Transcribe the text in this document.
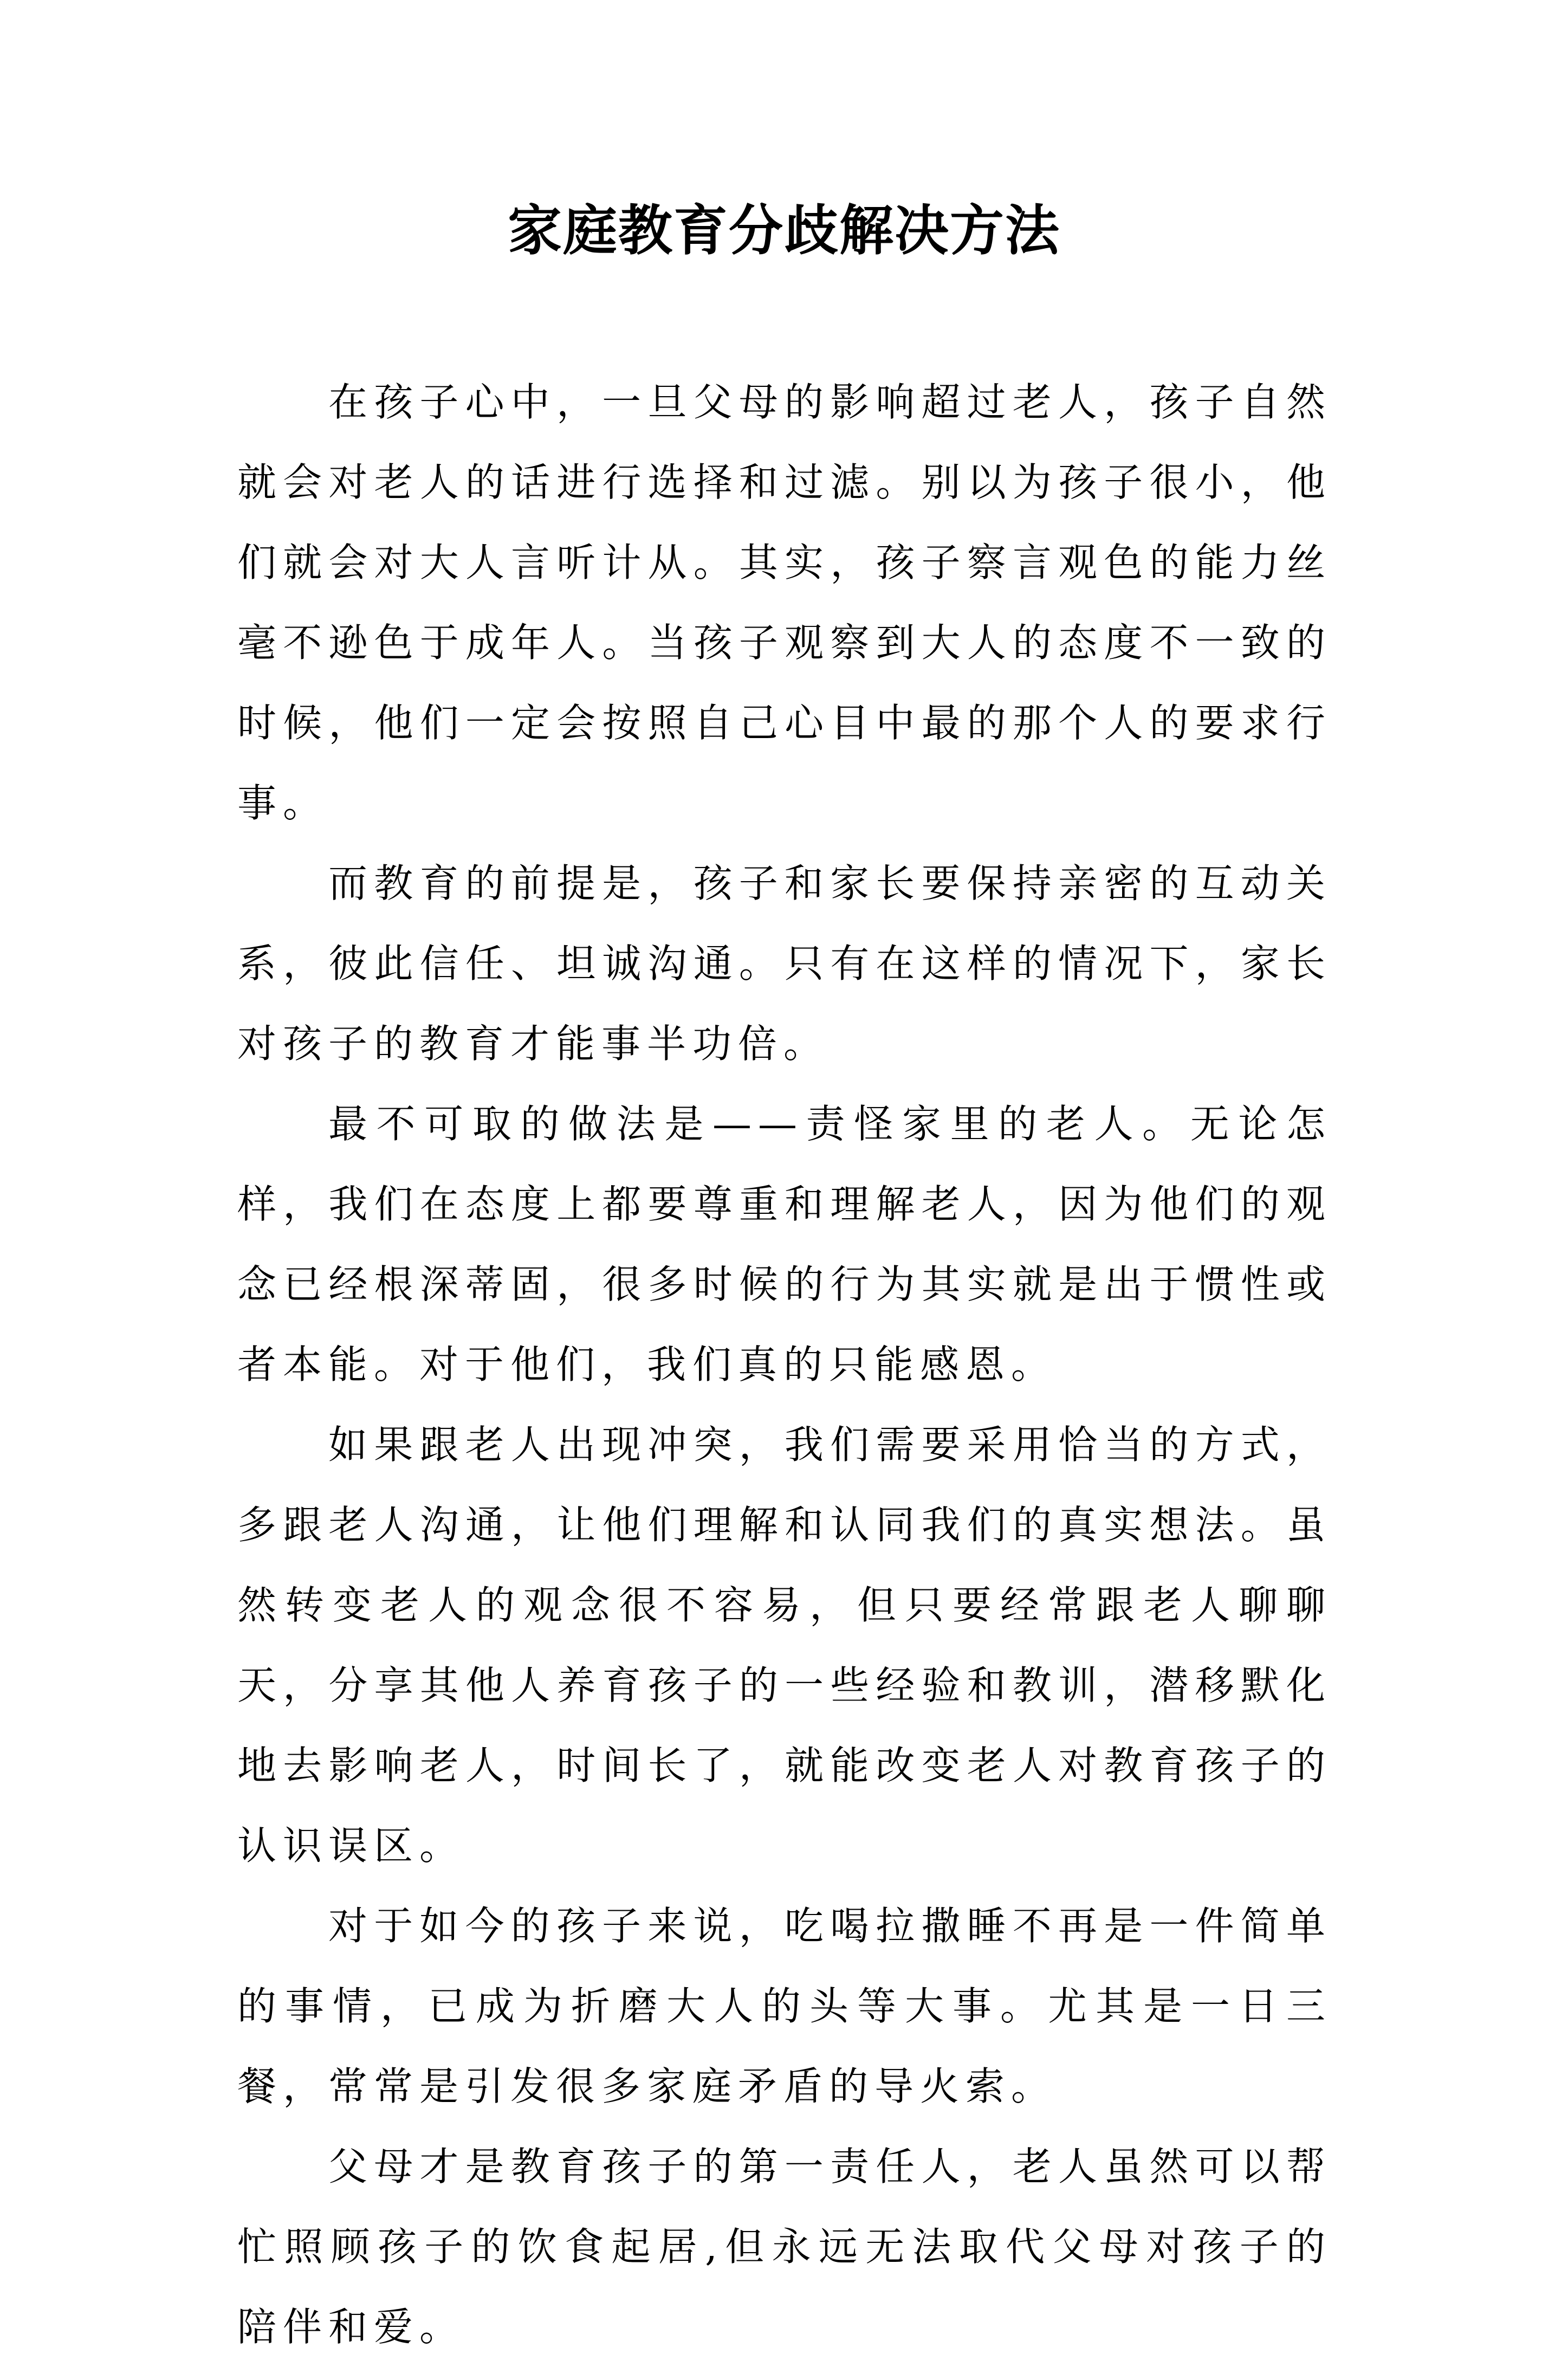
家庭教育分歧解决方法

在孩子心中，一旦父母的影响超过老人，孩子自然就会对老人的话进行选择和过滤。别以为孩子很小，他们就会对大人言听计从。其实，孩子察言观色的能力丝毫不逊色于成年人。当孩子观察到大人的态度不一致的时候，他们一定会按照自己心目中最的那个人的要求行事。

而教育的前提是，孩子和家长要保持亲密的互动关系，彼此信任、坦诚沟通。只有在这样的情况下，家长对孩子的教育才能事半功倍。

最不可取的做法是——责怪家里的老人。无论怎样，我们在态度上都要尊重和理解老人，因为他们的观念已经根深蒂固，很多时候的行为其实就是出于惯性或者本能。对于他们，我们真的只能感恩。

如果跟老人出现冲突，我们需要采用恰当的方式，多跟老人沟通，让他们理解和认同我们的真实想法。虽然转变老人的观念很不容易，但只要经常跟老人聊聊天，分享其他人养育孩子的一些经验和教训，潜移默化地去影响老人，时间长了，就能改变老人对教育孩子的认识误区。

对于如今的孩子来说，吃喝拉撒睡不再是一件简单的事情，已成为折磨大人的头等大事。尤其是一日三餐，常常是引发很多家庭矛盾的导火索。

父母才是教育孩子的第一责任人，老人虽然可以帮忙照顾孩子的饮食起居,但永远无法取代父母对孩子的陪伴和爱。
